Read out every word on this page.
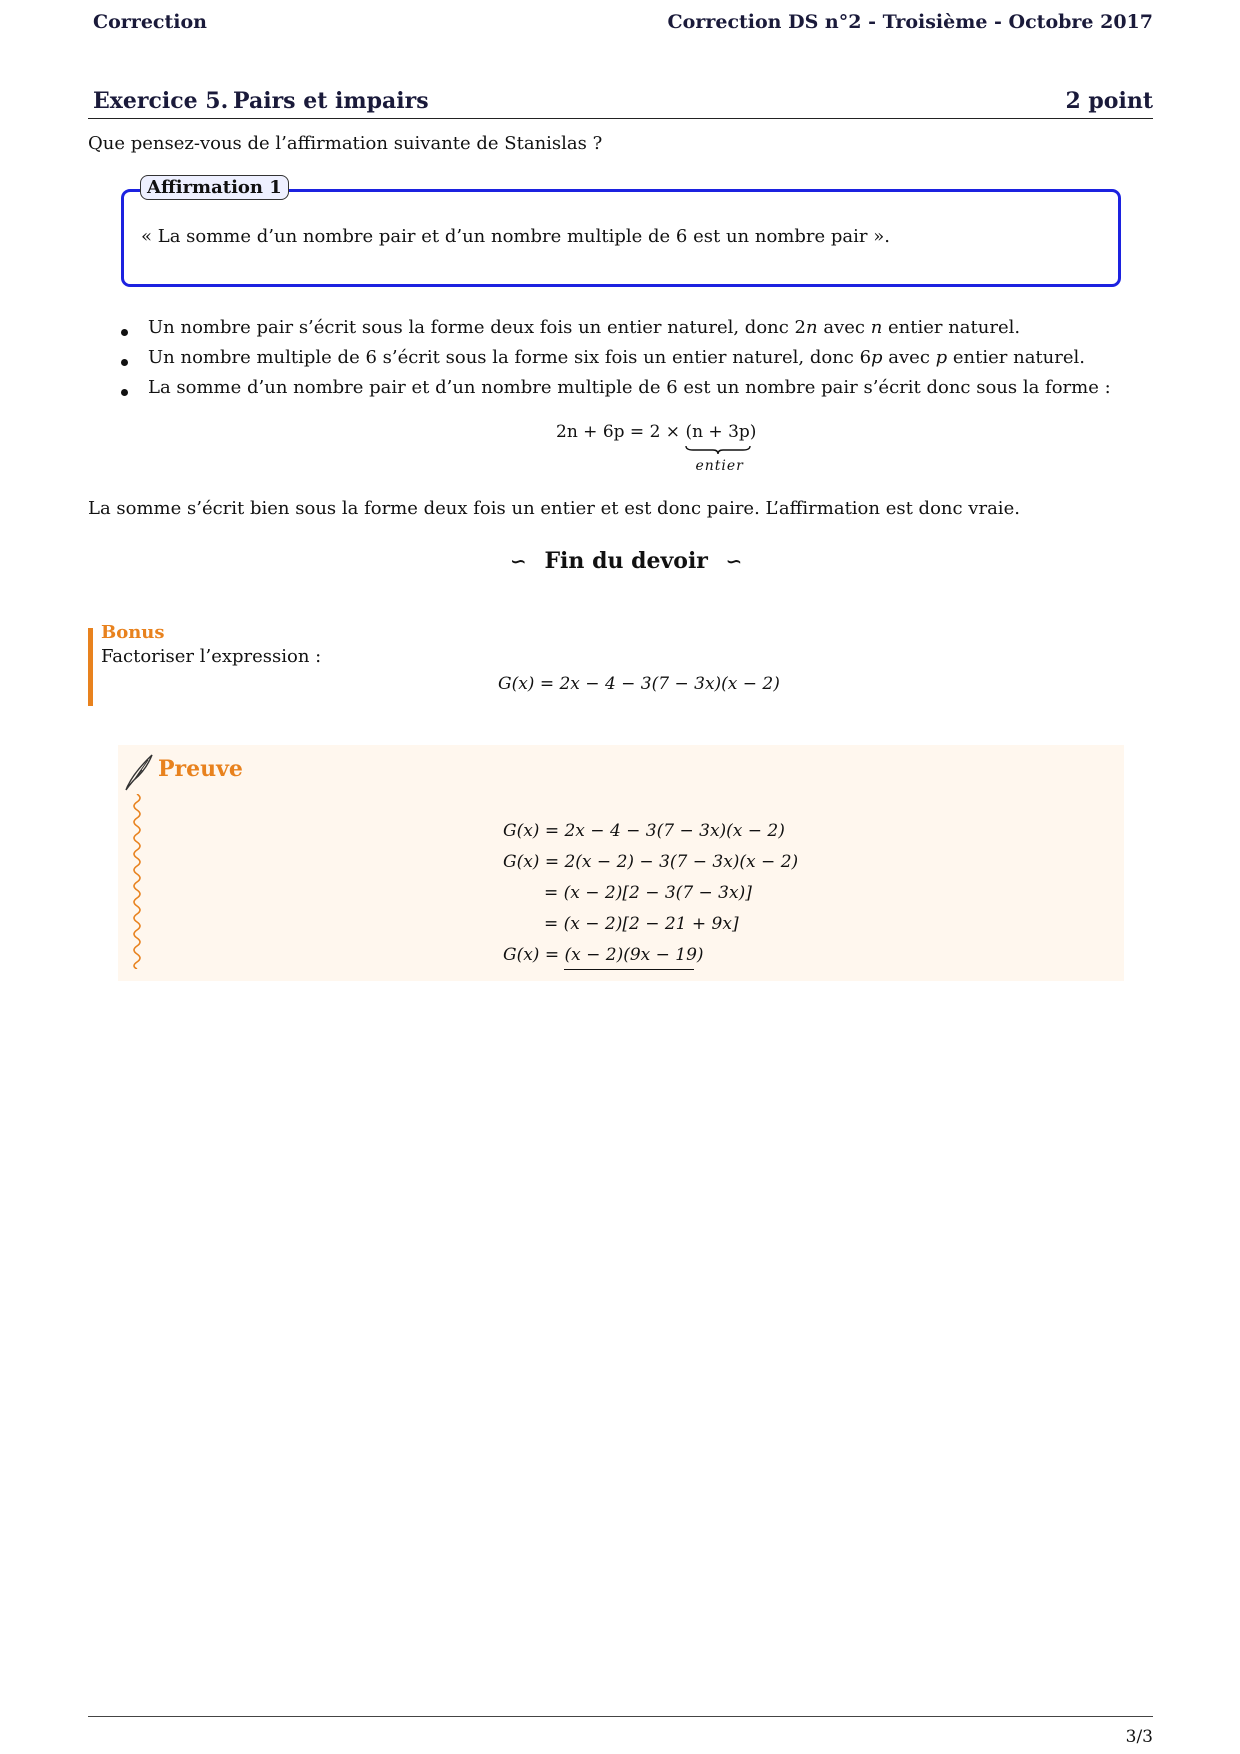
Correction	Correction DS n°2 - Troisième - Octobre 2017
Exercice 5. Pairs et impairs	2 point
Que pensez-vous de l’affirmation suivante de Stanislas ?
Affirmation 1
« La somme d’un nombre pair et d’un nombre multiple de 6 est un nombre pair ».
Un nombre pair s’écrit sous la forme deux fois un entier naturel, donc 2n avec n entier naturel.
Un nombre multiple de 6 s’écrit sous la forme six fois un entier naturel, donc 6p avec p entier naturel.
La somme d’un nombre pair et d’un nombre multiple de 6 est un nombre pair s’écrit donc sous la forme :
2n + 6p = 2 × (n + 3p)
entier
La somme s’écrit bien sous la forme deux fois un entier et est donc paire. L’affirmation est donc vraie.
∽ Fin du devoir ∽
Bonus
Factoriser l’expression :
G(x) = 2x − 4 − 3(7 − 3x)(x − 2)
Preuve
G(x) = 2x − 4 − 3(7 − 3x)(x − 2)
G(x) = 2(x − 2) − 3(7 − 3x)(x − 2)
= (x − 2)[2 − 3(7 − 3x)]
= (x − 2)[2 − 21 + 9x]
G(x) = (x − 2)(9x − 19)
3/3
